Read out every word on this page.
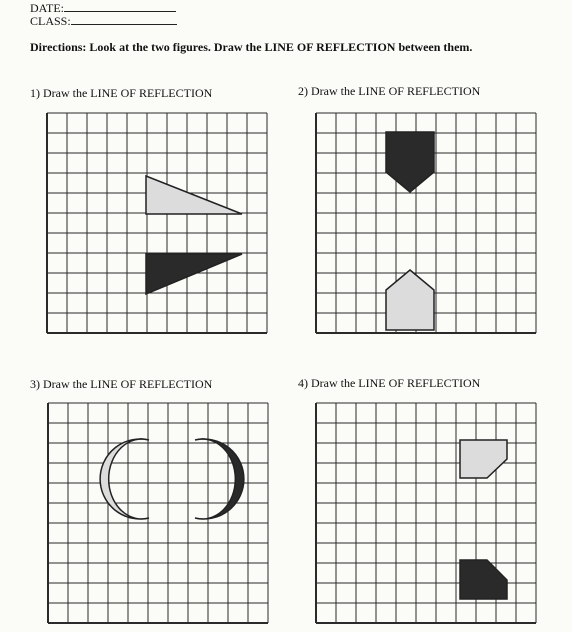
DATE:
CLASS:
Directions: Look at the two figures. Draw the LINE OF REFLECTION between them.
1) Draw the LINE OF REFLECTION	2) Draw the LINE OF REFLECTION
3) Draw the LINE OF REFLECTION	4) Draw the LINE OF REFLECTION
